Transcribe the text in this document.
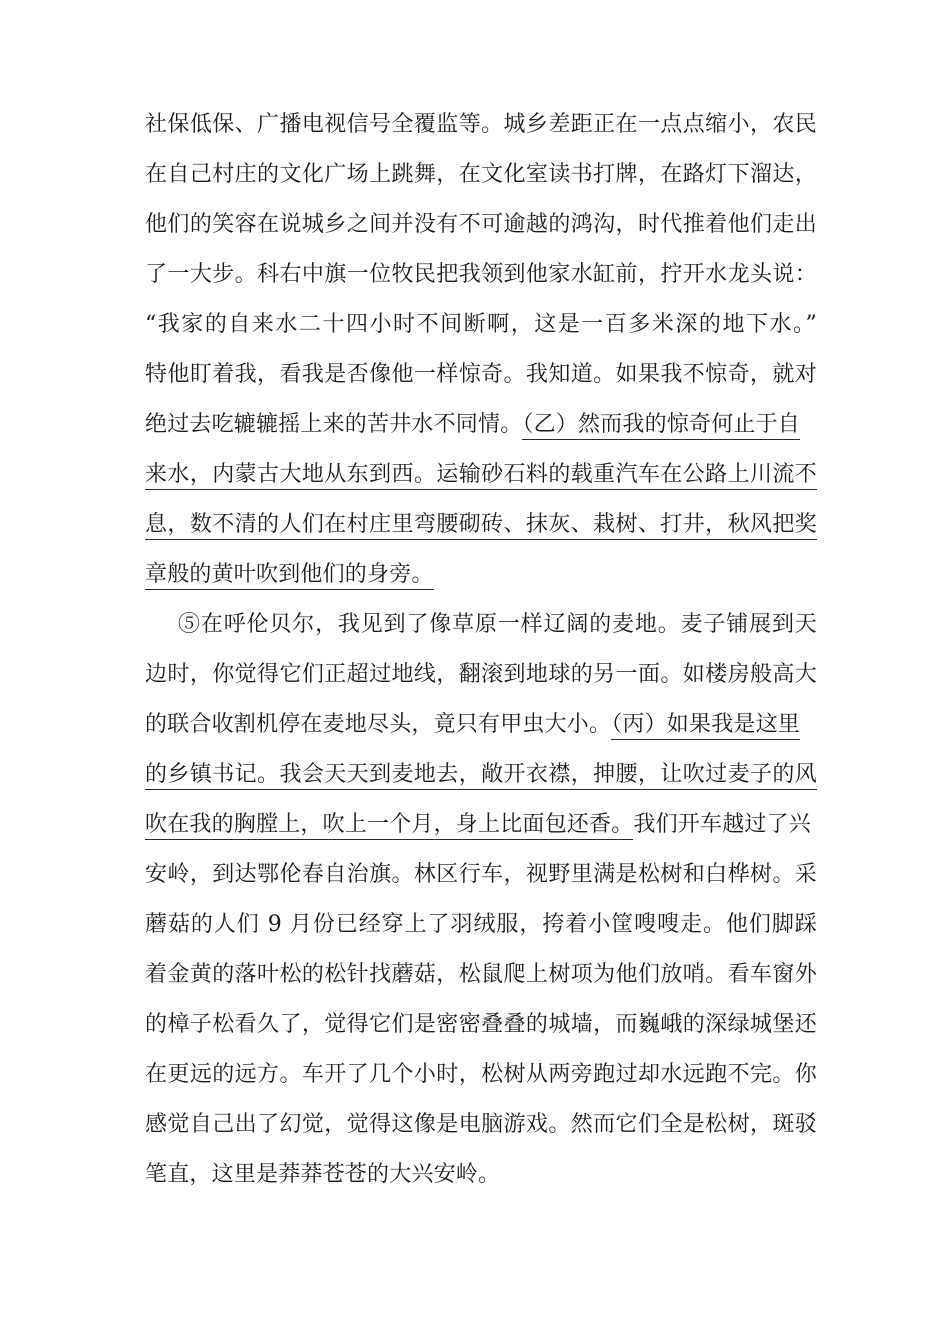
社保低保、广播电视信号全覆监等。城乡差距正在一点点缩小，农民
在自己村庄的文化广场上跳舞，在文化室读书打牌，在路灯下溜达，
他们的笑容在说城乡之间并没有不可逾越的鸿沟，时代推着他们走出
了一大步。科右中旗一位牧民把我领到他家水缸前，拧开水龙头说：
“我家的自来水二十四小时不间断啊，这是一百多米深的地下水。”
特他盯着我，看我是否像他一样惊奇。我知道。如果我不惊奇，就对
绝过去吃辘辘摇上来的苦井水不同情。（乙）然而我的惊奇何止于自
来水，内蒙古大地从东到西。运输砂石料的载重汽车在公路上川流不
息，数不清的人们在村庄里弯腰砌砖、抹灰、栽树、打井，秋风把奖
章般的黄叶吹到他们的身旁。
⑤在呼伦贝尔，我见到了像草原一样辽阔的麦地。麦子铺展到天
边时，你觉得它们正超过地线，翻滚到地球的另一面。如楼房般高大
的联合收割机停在麦地尽头，竟只有甲虫大小。（丙）如果我是这里
的乡镇书记。我会天天到麦地去，敞开衣襟，抻腰，让吹过麦子的风
吹在我的胸膛上，吹上一个月，身上比面包还香。我们开车越过了兴
安岭，到达鄂伦春自治旗。林区行车，视野里满是松树和白桦树。采
蘑菇的人们 9 月份已经穿上了羽绒服，挎着小筐嗖嗖走。他们脚踩
着金黄的落叶松的松针找蘑菇，松鼠爬上树项为他们放哨。看车窗外
的樟子松看久了，觉得它们是密密叠叠的城墙，而巍峨的深绿城堡还
在更远的远方。车开了几个小时，松树从两旁跑过却水远跑不完。你
感觉自己出了幻觉，觉得这像是电脑游戏。然而它们全是松树，斑驳
笔直，这里是莽莽苍苍的大兴安岭。
